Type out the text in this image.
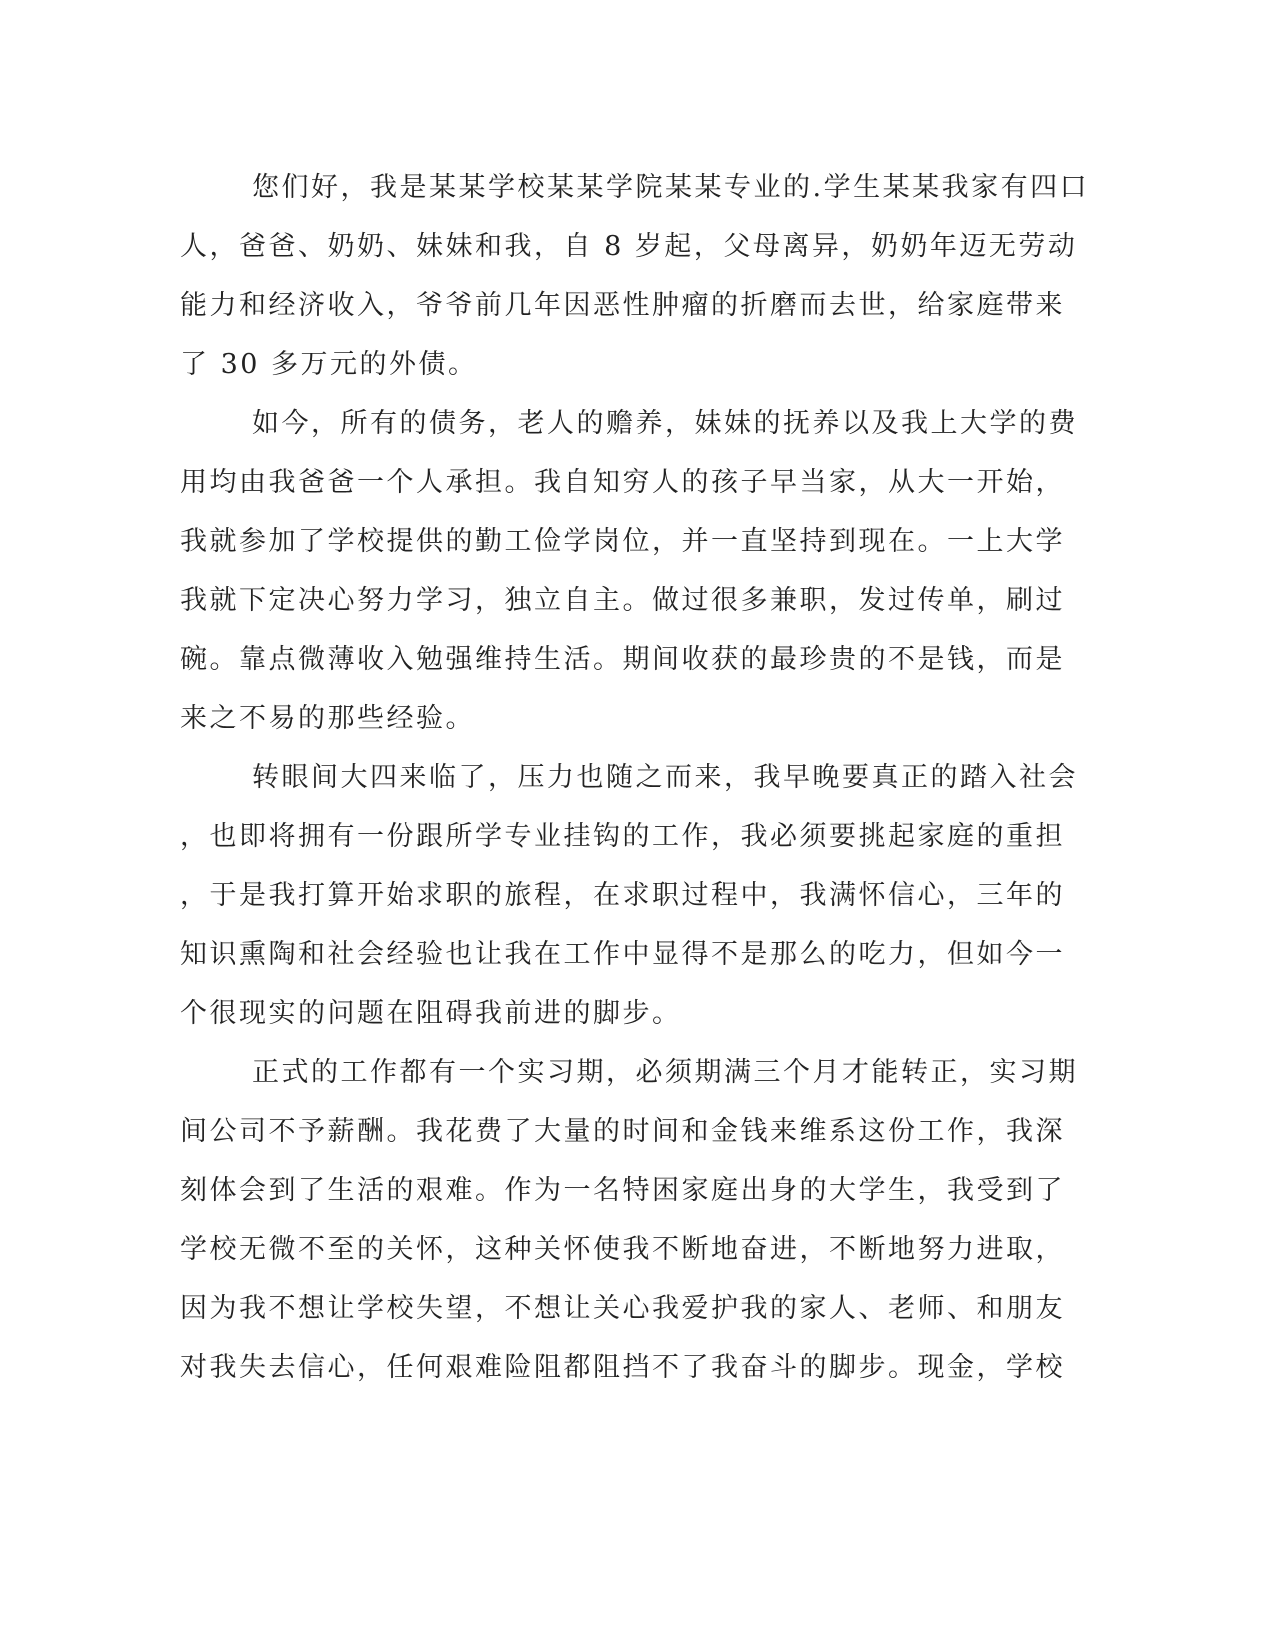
您们好，我是某某学校某某学院某某专业的.学生某某我家有四口
人，爸爸、奶奶、妹妹和我，自 8 岁起，父母离异，奶奶年迈无劳动
能力和经济收入，爷爷前几年因恶性肿瘤的折磨而去世，给家庭带来
了 30 多万元的外债。
如今，所有的债务，老人的赡养，妹妹的抚养以及我上大学的费
用均由我爸爸一个人承担。我自知穷人的孩子早当家，从大一开始，
我就参加了学校提供的勤工俭学岗位，并一直坚持到现在。一上大学
我就下定决心努力学习，独立自主。做过很多兼职，发过传单，刷过
碗。靠点微薄收入勉强维持生活。期间收获的最珍贵的不是钱，而是
来之不易的那些经验。
转眼间大四来临了，压力也随之而来，我早晚要真正的踏入社会
，也即将拥有一份跟所学专业挂钩的工作，我必须要挑起家庭的重担
，于是我打算开始求职的旅程，在求职过程中，我满怀信心，三年的
知识熏陶和社会经验也让我在工作中显得不是那么的吃力，但如今一
个很现实的问题在阻碍我前进的脚步。
正式的工作都有一个实习期，必须期满三个月才能转正，实习期
间公司不予薪酬。我花费了大量的时间和金钱来维系这份工作，我深
刻体会到了生活的艰难。作为一名特困家庭出身的大学生，我受到了
学校无微不至的关怀，这种关怀使我不断地奋进，不断地努力进取，
因为我不想让学校失望，不想让关心我爱护我的家人、老师、和朋友
对我失去信心，任何艰难险阻都阻挡不了我奋斗的脚步。现金，学校
